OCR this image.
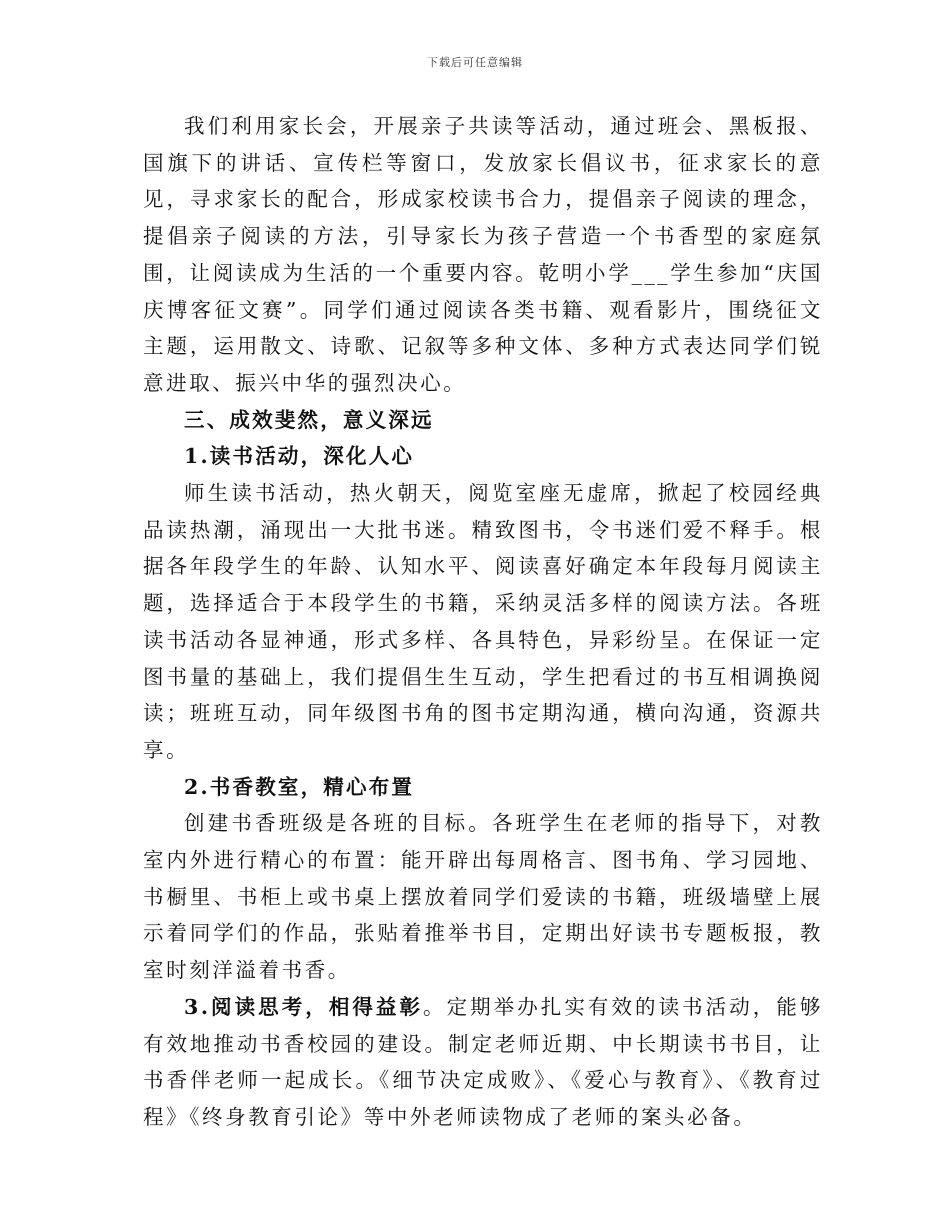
下载后可任意编辑

我们利用家长会，开展亲子共读等活动，通过班会、黑板报、国旗下的讲话、宣传栏等窗口，发放家长倡议书，征求家长的意见，寻求家长的配合，形成家校读书合力，提倡亲子阅读的理念，提倡亲子阅读的方法，引导家长为孩子营造一个书香型的家庭氛围，让阅读成为生活的一个重要内容。乾明小学___学生参加“庆国庆博客征文赛”。同学们通过阅读各类书籍、观看影片，围绕征文主题，运用散文、诗歌、记叙等多种文体、多种方式表达同学们锐意进取、振兴中华的强烈决心。

三、成效斐然，意义深远

1.读书活动，深化人心

师生读书活动，热火朝天，阅览室座无虚席，掀起了校园经典品读热潮，涌现出一大批书迷。精致图书，令书迷们爱不释手。根据各年段学生的年龄、认知水平、阅读喜好确定本年段每月阅读主题，选择适合于本段学生的书籍，采纳灵活多样的阅读方法。各班读书活动各显神通，形式多样、各具特色，异彩纷呈。在保证一定图书量的基础上，我们提倡生生互动，学生把看过的书互相调换阅读；班班互动，同年级图书角的图书定期沟通，横向沟通，资源共享。

2.书香教室，精心布置

创建书香班级是各班的目标。各班学生在老师的指导下，对教室内外进行精心的布置：能开辟出每周格言、图书角、学习园地、书橱里、书柜上或书桌上摆放着同学们爱读的书籍，班级墙壁上展示着同学们的作品，张贴着推举书目，定期出好读书专题板报，教室时刻洋溢着书香。

3.阅读思考，相得益彰。定期举办扎实有效的读书活动，能够有效地推动书香校园的建设。制定老师近期、中长期读书书目，让书香伴老师一起成长。《细节决定成败》、《爱心与教育》、《教育过程》《终身教育引论》等中外老师读物成了老师的案头必备。
